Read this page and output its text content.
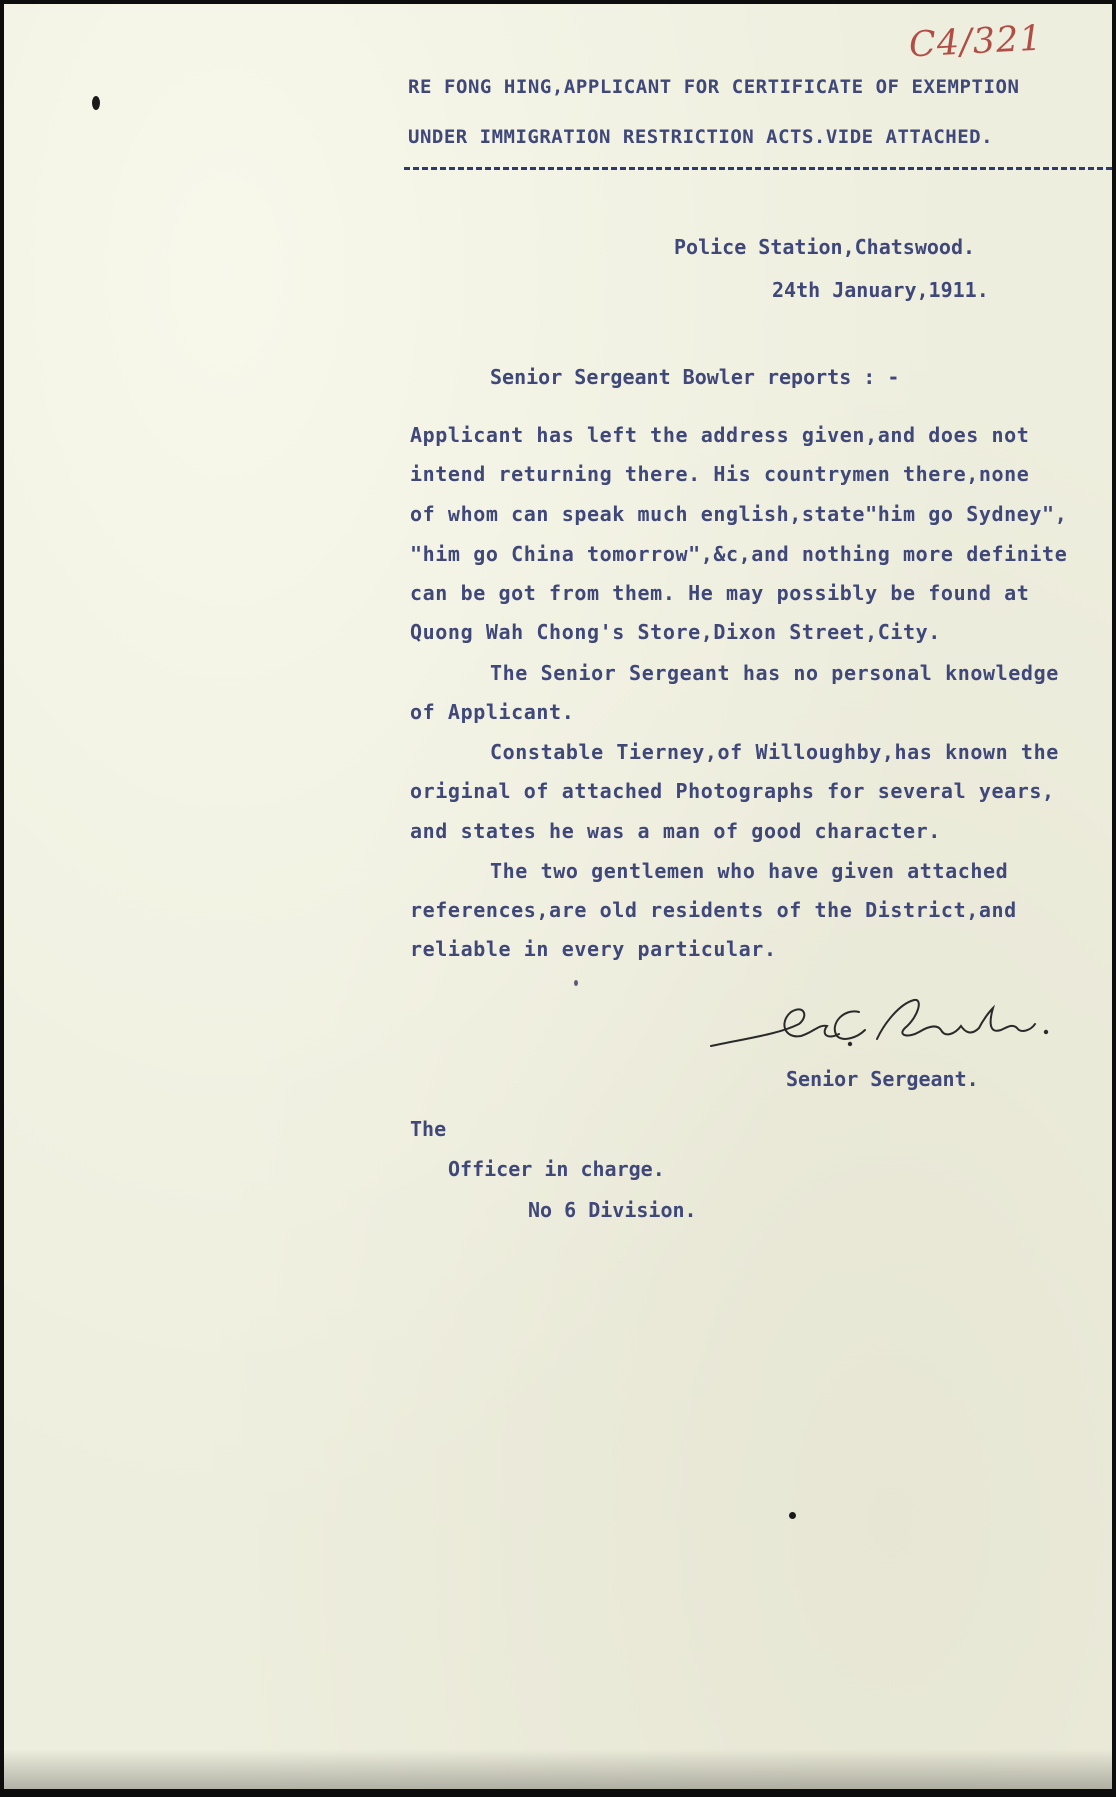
C4/321
RE FONG HING,APPLICANT FOR CERTIFICATE OF EXEMPTION
UNDER IMMIGRATION RESTRICTION ACTS.VIDE ATTACHED.
Police Station,Chatswood.
24th January,1911.
Senior Sergeant Bowler reports : -
Applicant has left the address given,and does not
intend returning there. His countrymen there,none
of whom can speak much english,state"him go Sydney",
"him go China tomorrow",&c,and nothing more definite
can be got from them. He may possibly be found at
Quong Wah Chong's Store,Dixon Street,City.
The Senior Sergeant has no personal knowledge
of Applicant.
Constable Tierney,of Willoughby,has known the
original of attached Photographs for several years,
and states he was a man of good character.
The two gentlemen who have given attached
references,are old residents of the District,and
reliable in every particular.
Senior Sergeant.
The
Officer in charge.
No 6 Division.
